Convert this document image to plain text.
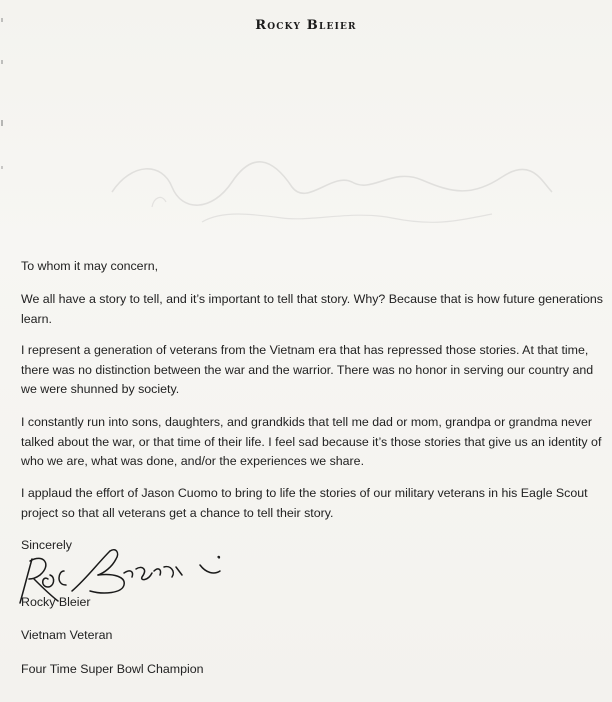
Rocky Bleier
To whom it may concern,
We all have a story to tell, and it’s important to tell that story. Why? Because that is how future generations learn.
I represent a generation of veterans from the Vietnam era that has repressed those stories. At that time, there was no distinction between the war and the warrior. There was no honor in serving our country and we were shunned by society.
I constantly run into sons, daughters, and grandkids that tell me dad or mom, grandpa or grandma never talked about the war, or that time of their life. I feel sad because it’s those stories that give us an identity of who we are, what was done, and/or the experiences we share.
I applaud the effort of Jason Cuomo to bring to life the stories of our military veterans in his Eagle Scout project so that all veterans get a chance to tell their story.
Sincerely
Rocky Bleier
Vietnam Veteran
Four Time Super Bowl Champion
